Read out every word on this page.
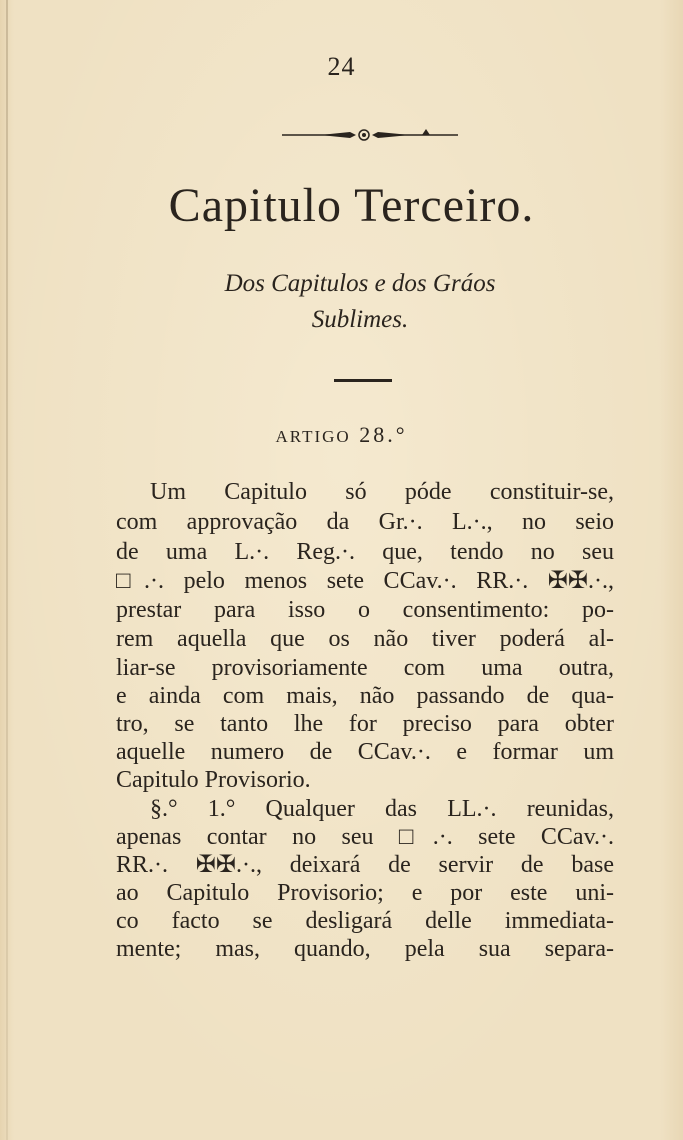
24
Capitulo Terceiro.
Dos Capitulos e dos Gráos
Sublimes.
ARTIGO 28.°
Um Capitulo só póde constituir-se,
com approvação da Gr.·. L.·., no seio
de uma L.·. Reg.·. que, tendo no seu
□.·. pelo menos sete CCav.·. RR.·. ✠✠.·.,
prestar para isso o consentimento: po-
rem aquella que os não tiver poderá al-
liar-se provisoriamente com uma outra,
e ainda com mais, não passando de qua-
tro, se tanto lhe for preciso para obter
aquelle numero de CCav.·. e formar um
Capitulo Provisorio.
§.° 1.° Qualquer das LL.·. reunidas,
apenas contar no seu □.·. sete CCav.·.
RR.·. ✠✠.·., deixará de servir de base
ao Capitulo Provisorio; e por este uni-
co facto se desligará delle immediata-
mente; mas, quando, pela sua separa-
